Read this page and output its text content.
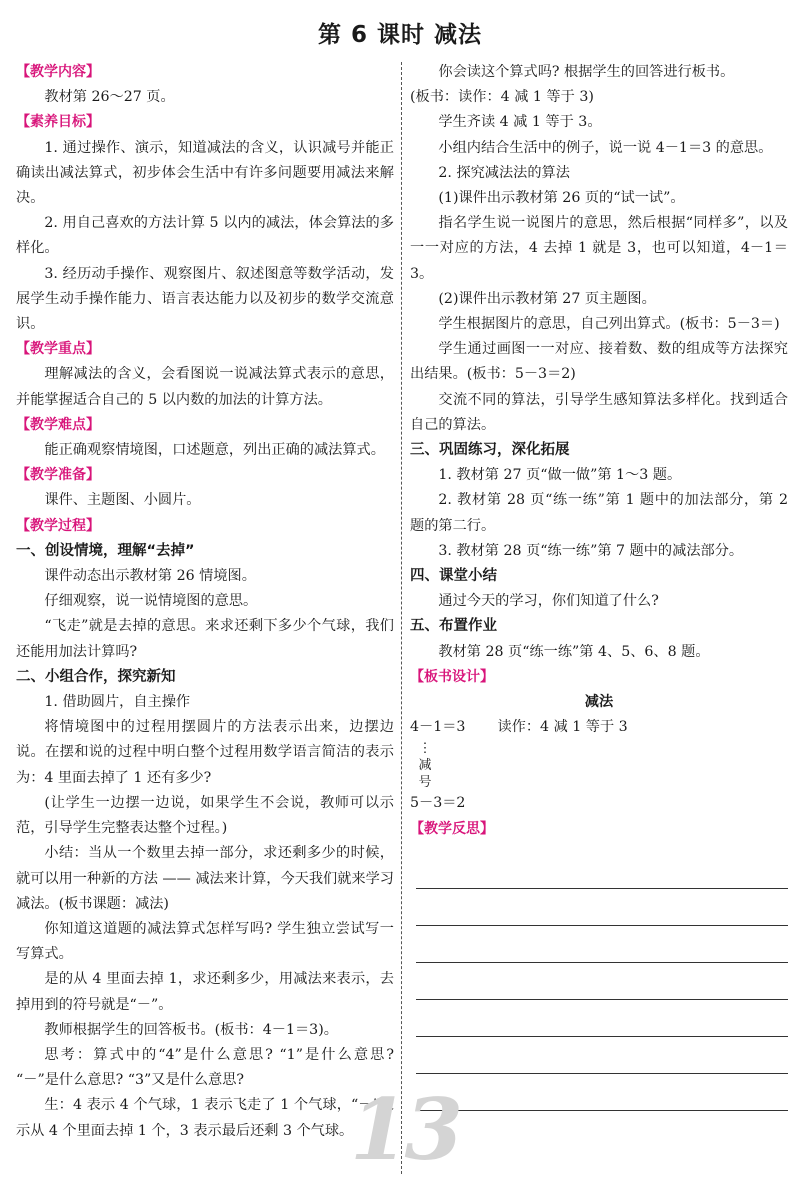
第 6 课时 减法

【教学内容】

教材第 26～27 页。

【素养目标】

1. 通过操作、演示，知道减法的含义，认识减号并能正确读出减法算式，初步体会生活中有许多问题要用减法来解决。

2. 用自己喜欢的方法计算 5 以内的减法，体会算法的多样化。

3. 经历动手操作、观察图片、叙述图意等数学活动，发展学生动手操作能力、语言表达能力以及初步的数学交流意识。

【教学重点】

理解减法的含义，会看图说一说减法算式表示的意思，并能掌握适合自己的 5 以内数的加法的计算方法。

【教学难点】

能正确观察情境图，口述题意，列出正确的减法算式。

【教学准备】

课件、主题图、小圆片。

【教学过程】

一、创设情境，理解“去掉”

课件动态出示教材第 26 情境图。

仔细观察，说一说情境图的意思。

“飞走”就是去掉的意思。来求还剩下多少个气球，我们还能用加法计算吗?

二、小组合作，探究新知

1. 借助圆片，自主操作

将情境图中的过程用摆圆片的方法表示出来，边摆边说。在摆和说的过程中明白整个过程用数学语言简洁的表示为：4 里面去掉了 1 还有多少?

(让学生一边摆一边说，如果学生不会说，教师可以示范，引导学生完整表达整个过程。)

小结：当从一个数里去掉一部分，求还剩多少的时候，就可以用一种新的方法 —— 减法来计算，今天我们就来学习减法。(板书课题：减法)

你知道这道题的减法算式怎样写吗? 学生独立尝试写一写算式。

是的从 4 里面去掉 1，求还剩多少，用减法来表示，去掉用到的符号就是“－”。

教师根据学生的回答板书。(板书：4－1＝3)。

思考：算式中的“4”是什么意思? “1”是什么意思? “－”是什么意思? “3”又是什么意思?

生：4 表示 4 个气球，1 表示飞走了 1 个气球，“－”表示从 4 个里面去掉 1 个，3 表示最后还剩 3 个气球。

你会读这个算式吗? 根据学生的回答进行板书。

(板书：读作：4 减 1 等于 3)

学生齐读 4 减 1 等于 3。

小组内结合生活中的例子，说一说 4－1＝3 的意思。

2. 探究减法法的算法

(1)课件出示教材第 26 页的“试一试”。

指名学生说一说图片的意思，然后根据“同样多”，以及一一对应的方法，4 去掉 1 就是 3，也可以知道，4－1＝3。

(2)课件出示教材第 27 页主题图。

学生根据图片的意思，自己列出算式。(板书：5－3＝)

学生通过画图一一对应、接着数、数的组成等方法探究出结果。(板书：5－3＝2)

交流不同的算法，引导学生感知算法多样化。找到适合自己的算法。

三、巩固练习，深化拓展

1. 教材第 27 页“做一做”第 1～3 题。

2. 教材第 28 页“练一练”第 1 题中的加法部分，第 2 题的第二行。

3. 教材第 28 页“练一练”第 7 题中的减法部分。

四、课堂小结

通过今天的学习，你们知道了什么?

五、布置作业

教材第 28 页“练一练”第 4、5、6、8 题。

【板书设计】

减法

4－1＝3 读作：4 减 1 等于 3

⋮
减
号

5－3＝2

【教学反思】

13
